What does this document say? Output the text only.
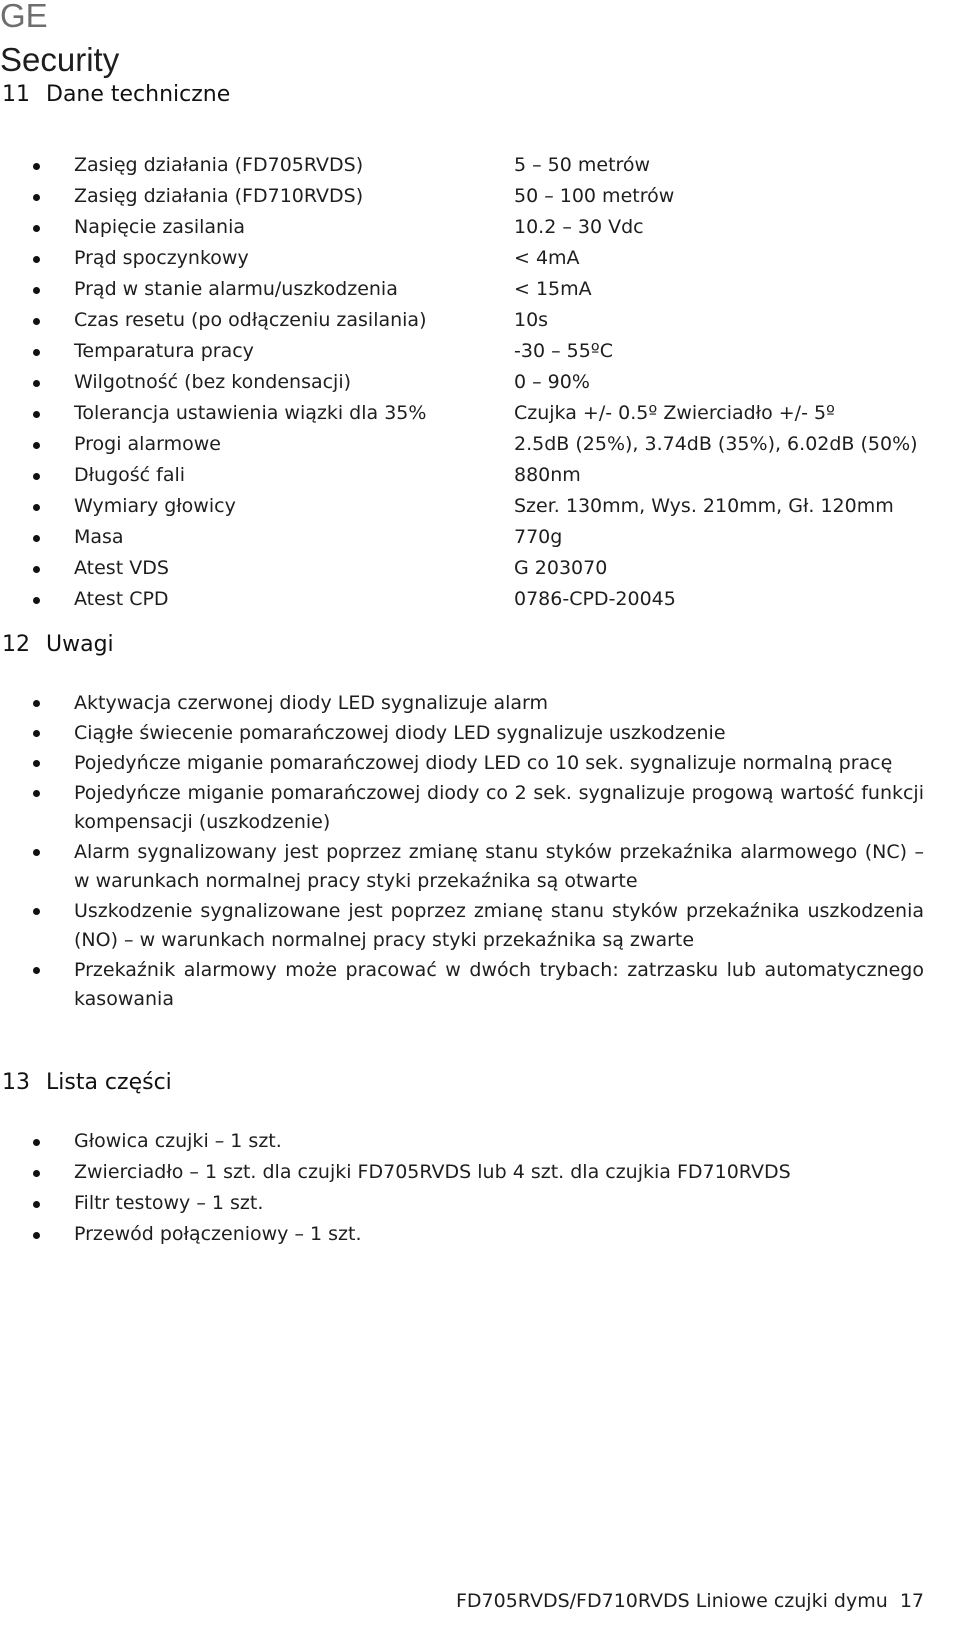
GE
Security
11 Dane techniczne
Zasięg działania (FD705RVDS)	5 – 50 metrów
Zasięg działania (FD710RVDS)	50 – 100 metrów
Napięcie zasilania	10.2 – 30 Vdc
Prąd spoczynkowy	< 4mA
Prąd w stanie alarmu/uszkodzenia	< 15mA
Czas resetu (po odłączeniu zasilania)	10s
Temparatura pracy	-30 – 55ºC
Wilgotność (bez kondensacji)	0 – 90%
Tolerancja ustawienia wiązki dla 35%	Czujka +/- 0.5º Zwierciadło +/- 5º
Progi alarmowe	2.5dB (25%), 3.74dB (35%), 6.02dB (50%)
Długość fali	880nm
Wymiary głowicy	Szer. 130mm, Wys. 210mm, Gł. 120mm
Masa	770g
Atest VDS	G 203070
Atest CPD	0786-CPD-20045
12 Uwagi
Aktywacja czerwonej diody LED sygnalizuje alarm
Ciągłe świecenie pomarańczowej diody LED sygnalizuje uszkodzenie
Pojedyńcze miganie pomarańczowej diody LED co 10 sek. sygnalizuje normalną pracę
Pojedyńcze miganie pomarańczowej diody co 2 sek. sygnalizuje progową wartość funkcji kompensacji (uszkodzenie)
Alarm sygnalizowany jest poprzez zmianę stanu styków przekaźnika alarmowego (NC) – w warunkach normalnej pracy styki przekaźnika są otwarte
Uszkodzenie sygnalizowane jest poprzez zmianę stanu styków przekaźnika uszkodzenia (NO) – w warunkach normalnej pracy styki przekaźnika są zwarte
Przekaźnik alarmowy może pracować w dwóch trybach: zatrzasku lub automatycznego kasowania
13 Lista części
Głowica czujki – 1 szt.
Zwierciadło – 1 szt. dla czujki FD705RVDS lub 4 szt. dla czujkia FD710RVDS
Filtr testowy – 1 szt.
Przewód połączeniowy – 1 szt.
FD705RVDS/FD710RVDS Liniowe czujki dymu 17
